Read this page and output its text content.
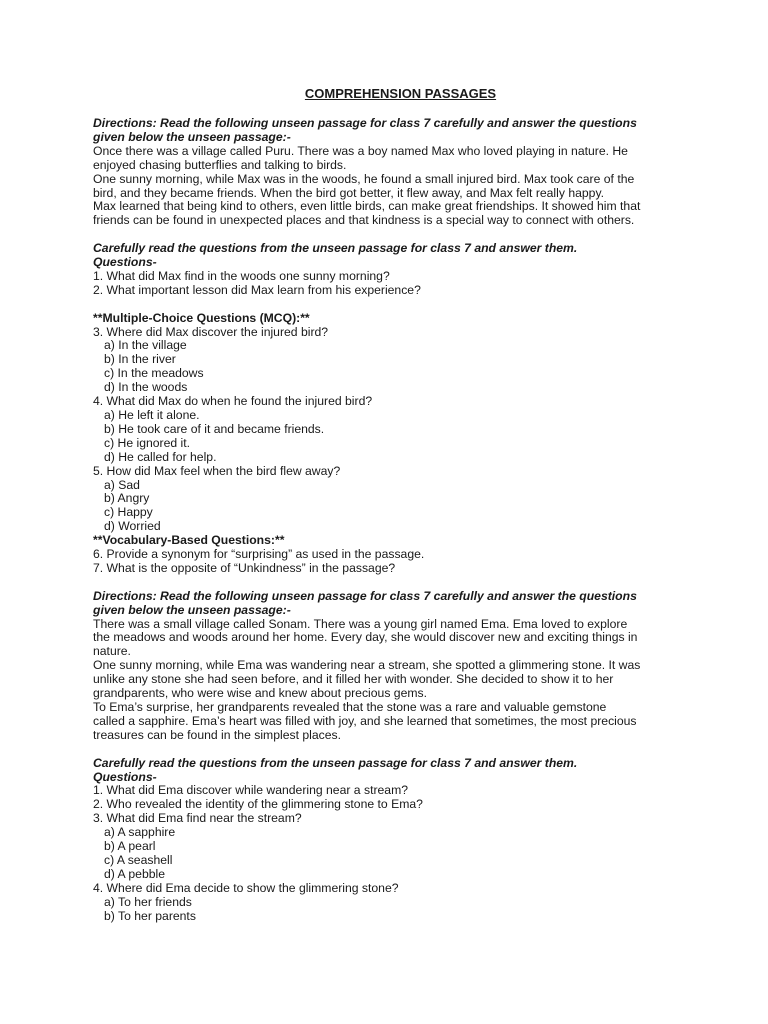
COMPREHENSION PASSAGES
Directions: Read the following unseen passage for class 7 carefully and answer the questions
given below the unseen passage:-
Once there was a village called Puru. There was a boy named Max who loved playing in nature. He
enjoyed chasing butterflies and talking to birds.
One sunny morning, while Max was in the woods, he found a small injured bird. Max took care of the
bird, and they became friends. When the bird got better, it flew away, and Max felt really happy.
Max learned that being kind to others, even little birds, can make great friendships. It showed him that
friends can be found in unexpected places and that kindness is a special way to connect with others.
Carefully read the questions from the unseen passage for class 7 and answer them.
Questions-
1. What did Max find in the woods one sunny morning?
2. What important lesson did Max learn from his experience?
**Multiple-Choice Questions (MCQ):**
3. Where did Max discover the injured bird?
a) In the village
b) In the river
c) In the meadows
d) In the woods
4. What did Max do when he found the injured bird?
a) He left it alone.
b) He took care of it and became friends.
c) He ignored it.
d) He called for help.
5. How did Max feel when the bird flew away?
a) Sad
b) Angry
c) Happy
d) Worried
**Vocabulary-Based Questions:**
6. Provide a synonym for “surprising” as used in the passage.
7. What is the opposite of “Unkindness” in the passage?
Directions: Read the following unseen passage for class 7 carefully and answer the questions
given below the unseen passage:-
There was a small village called Sonam. There was a young girl named Ema. Ema loved to explore
the meadows and woods around her home. Every day, she would discover new and exciting things in
nature.
One sunny morning, while Ema was wandering near a stream, she spotted a glimmering stone. It was
unlike any stone she had seen before, and it filled her with wonder. She decided to show it to her
grandparents, who were wise and knew about precious gems.
To Ema’s surprise, her grandparents revealed that the stone was a rare and valuable gemstone
called a sapphire. Ema’s heart was filled with joy, and she learned that sometimes, the most precious
treasures can be found in the simplest places.
Carefully read the questions from the unseen passage for class 7 and answer them.
Questions-
1. What did Ema discover while wandering near a stream?
2. Who revealed the identity of the glimmering stone to Ema?
3. What did Ema find near the stream?
a) A sapphire
b) A pearl
c) A seashell
d) A pebble
4. Where did Ema decide to show the glimmering stone?
a) To her friends
b) To her parents
